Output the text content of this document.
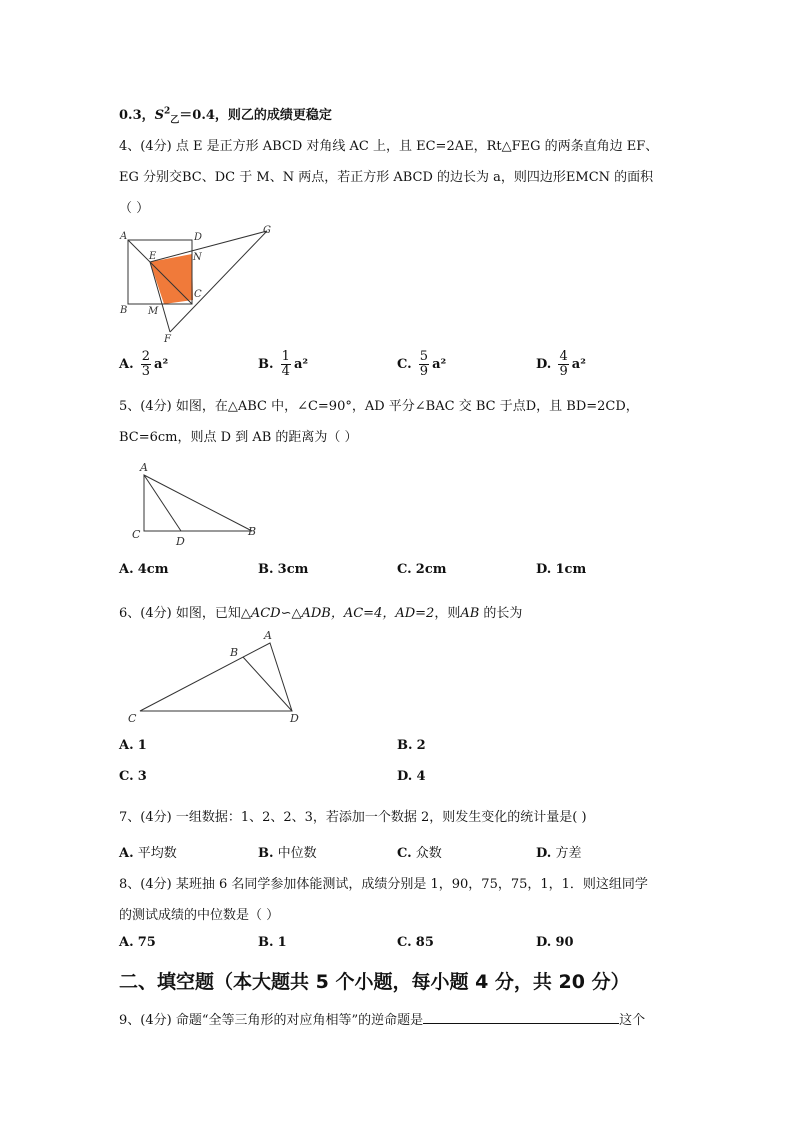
0.3，$S^2_乙=0.4$，则乙的成绩更稳定
4、(4分) 点 E 是正方形 ABCD 对角线 AC 上，且 EC=2AE，Rt△FEG 的两条直角边 EF、
EG 分别交BC、DC 于 M、N 两点，若正方形 ABCD 的边长为 a，则四边形EMCN 的面积
（ ）
A	D
G
E	N
C
B M
F
A. $\frac{2}{3} a^2$	B. $\frac{1}{4} a^2$	C. $\frac{5}{9} a^2$	D. $\frac{4}{9} a^2$
5、(4分) 如图，在△ABC 中，∠C=90°，AD 平分∠BAC 交 BC 于点D，且 BD=2CD，
BC=6cm，则点 D 到 AB 的距离为（ ）
A
C
D
B
A. 4cm	B. 3cm	C. 2cm	D. 1cm
6、(4分) 如图，已知△ACD∽△ADB，AC=4，AD=2，则AB 的长为
A
B
C	D
A. 1	B. 2
C. 3	D. 4
7、(4分) 一组数据：1、2、2、3，若添加一个数据 2，则发生变化的统计量是( )
A. 平均数	B. 中位数	C. 众数	D. 方差
8、(4分) 某班抽 6 名同学参加体能测试，成绩分别是 1，90，75，75，1，1．则这组同学
的测试成绩的中位数是（ ）
A. 75	B. 1	C. 85	D. 90
二、填空题（本大题共 5 个小题，每小题 4 分，共 20 分）
9、(4分) 命题“全等三角形的对应角相等”的逆命题是	这个
